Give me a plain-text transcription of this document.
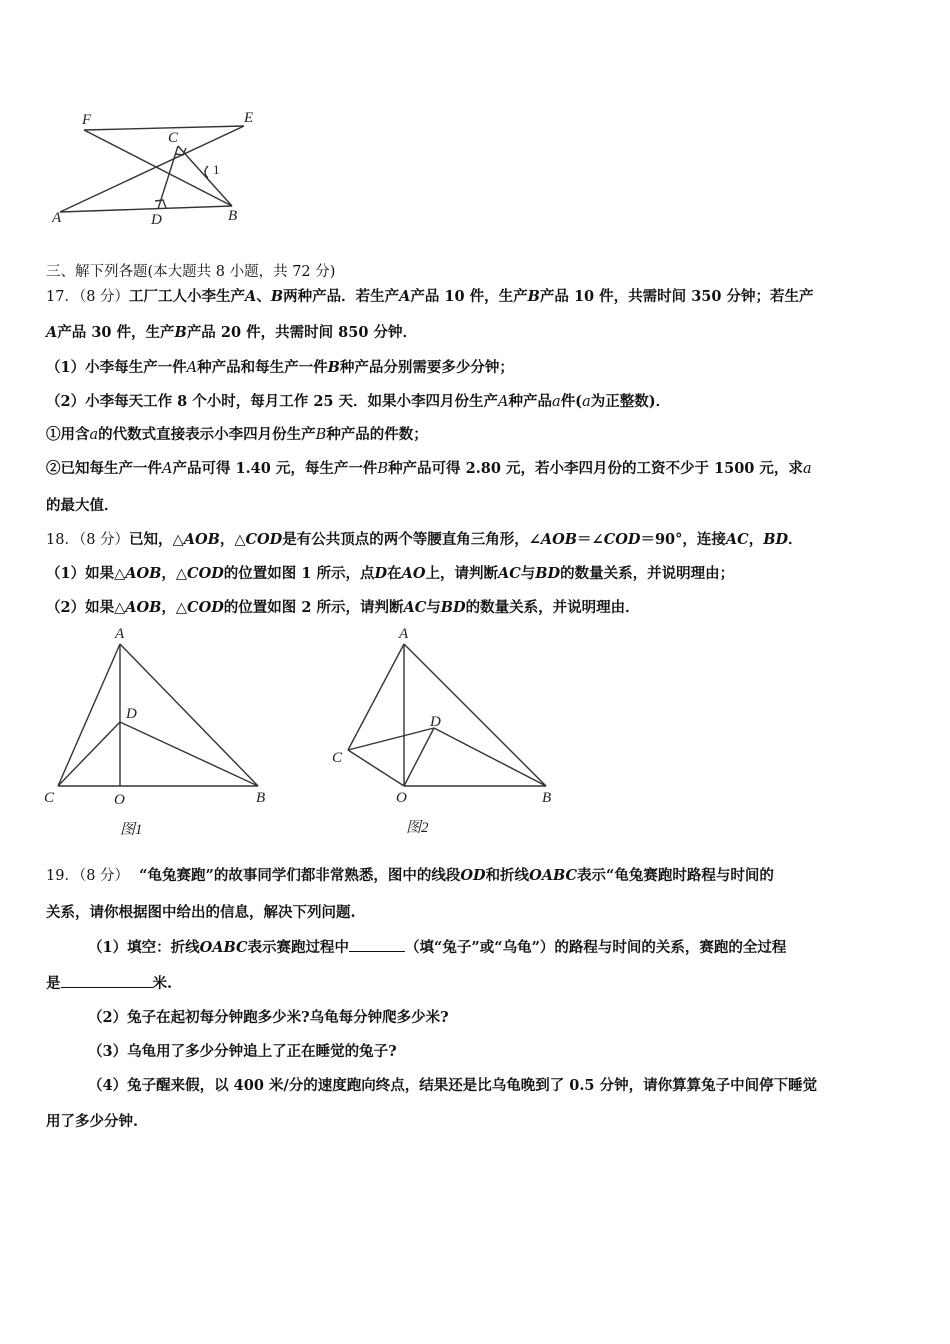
F	E
C
1
A	D	B
三、解下列各题(本大题共 8 小题，共 72 分)
17．（8 分）工厂工人小李生产A、B两种产品．若生产A产品 10 件，生产B产品 10 件，共需时间 350 分钟；若生产
A产品 30 件，生产B产品 20 件，共需时间 850 分钟．
（1）小李每生产一件A种产品和每生产一件B种产品分别需要多少分钟；
（2）小李每天工作 8 个小时，每月工作 25 天．如果小李四月份生产A种产品a件(a为正整数)．
①用含a的代数式直接表示小李四月份生产B种产品的件数；
②已知每生产一件A产品可得 1.40 元，每生产一件B种产品可得 2.80 元，若小李四月份的工资不少于 1500 元，求a
的最大值．
18．（8 分）已知，△AOB，△COD是有公共顶点的两个等腰直角三角形，∠AOB＝∠COD＝90°，连接AC，BD．
（1）如果△AOB，△COD的位置如图 1 所示，点D在AO上，请判断AC与BD的数量关系，并说明理由；
（2）如果△AOB，△COD的位置如图 2 所示，请判断AC与BD的数量关系，并说明理由．
A
D
C	O	B
图1
A
D
C
O	B
图2
19．（8 分） “龟兔赛跑”的故事同学们都非常熟悉，图中的线段OD和折线OABC表示“龟兔赛跑时路程与时间的
关系，请你根据图中给出的信息，解决下列问题.
（1）填空：折线OABC表示赛跑过程中	（填“兔子”或“乌龟”）的路程与时间的关系，赛跑的全过程
是	米.
（2）兔子在起初每分钟跑多少米?乌龟每分钟爬多少米?
（3）乌龟用了多少分钟追上了正在睡觉的兔子?
（4）兔子醒来假，以 400 米/分的速度跑向终点，结果还是比乌龟晚到了 0.5 分钟，请你算算兔子中间停下睡觉
用了多少分钟.
